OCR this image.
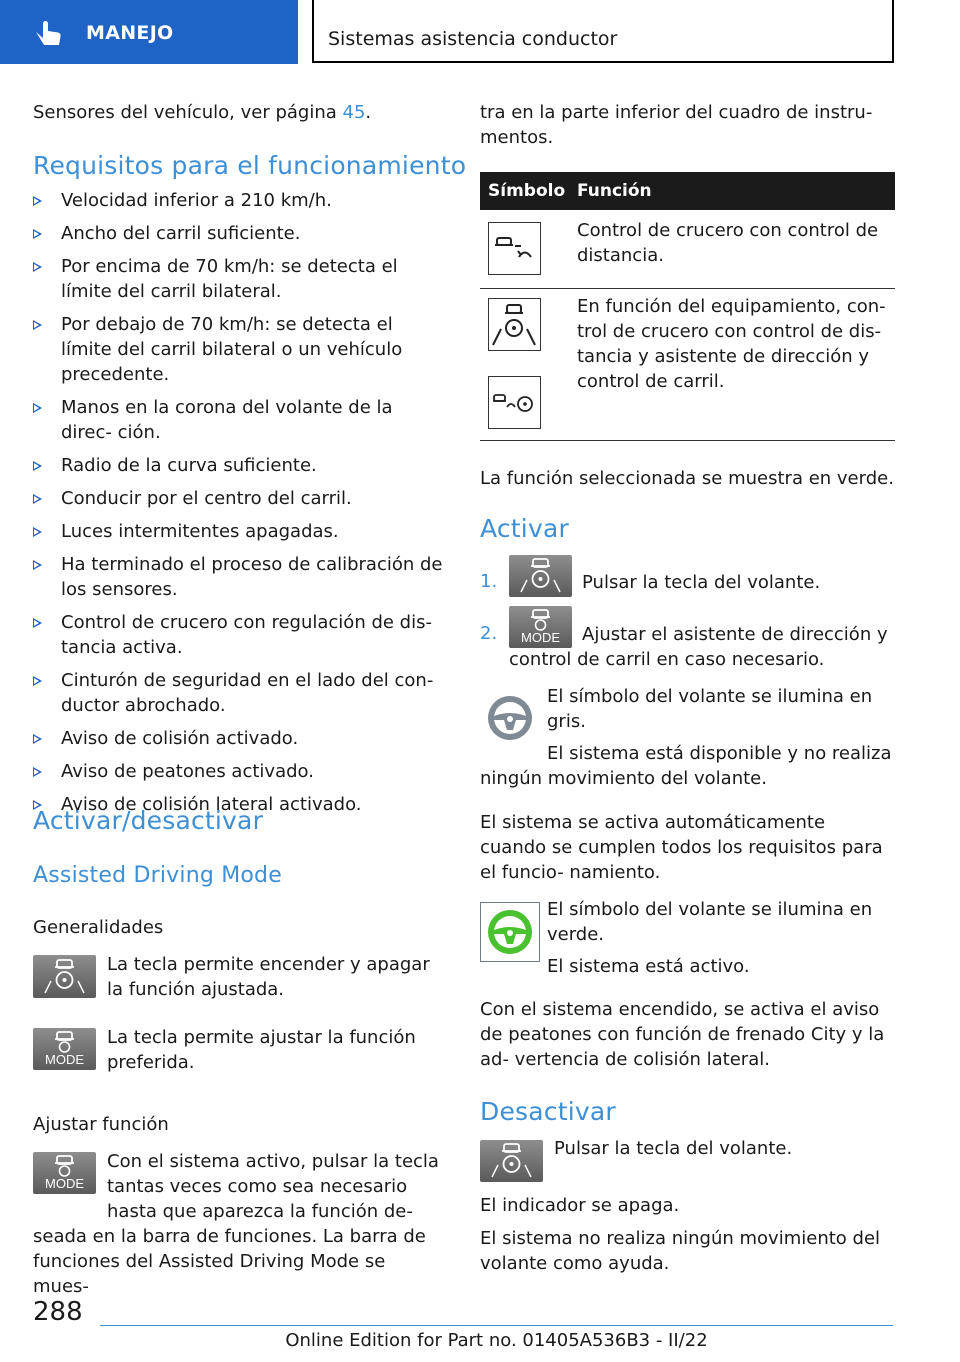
MANEJO	Sistemas asistencia conductor

Sensores del vehículo, ver página 45.

Requisitos para el funcionamiento
Velocidad inferior a 210 km/h.
Ancho del carril suficiente.
Por encima de 70 km/h: se detecta el límite del carril bilateral.
Por debajo de 70 km/h: se detecta el límite del carril bilateral o un vehículo precedente.
Manos en la corona del volante de la direc- ción.
Radio de la curva suficiente.
Conducir por el centro del carril.
Luces intermitentes apagadas.
Ha terminado el proceso de calibración de los sensores.
Control de crucero con regulación de dis- tancia activa.
Cinturón de seguridad en el lado del con- ductor abrochado.
Aviso de colisión activado.
Aviso de peatones activado.
Aviso de colisión lateral activado.
Activar/desactivar
Assisted Driving Mode

Generalidades

La tecla permite encender y apagar la función ajustada.

MODE

La tecla permite ajustar la función preferida.

Ajustar función

MODE

Con el sistema activo, pulsar la tecla tantas veces como sea necesario hasta que aparezca la función de-

seada en la barra de funciones. La barra de funciones del Assisted Driving Mode se mues-

tra en la parte inferior del cuadro de instru- mentos.

Símbolo Función

Control de crucero con control de distancia.

En función del equipamiento, con- trol de crucero con control de dis- tancia y asistente de dirección y control de carril.

La función seleccionada se muestra en verde.

Activar
1.	Pulsar la tecla del volante.

2.	MODE	Ajustar el asistente de dirección y

control de carril en caso necesario.

El símbolo del volante se ilumina en gris.

El sistema está disponible y no realiza

ningún movimiento del volante.

El sistema se activa automáticamente cuando se cumplen todos los requisitos para el funcio- namiento.

El símbolo del volante se ilumina en verde.

El sistema está activo.

Con el sistema encendido, se activa el aviso de peatones con función de frenado City y la ad- vertencia de colisión lateral.

Desactivar

Pulsar la tecla del volante.

El indicador se apaga.

El sistema no realiza ningún movimiento del volante como ayuda.

288
Online Edition for Part no. 01405A536B3 - II/22
